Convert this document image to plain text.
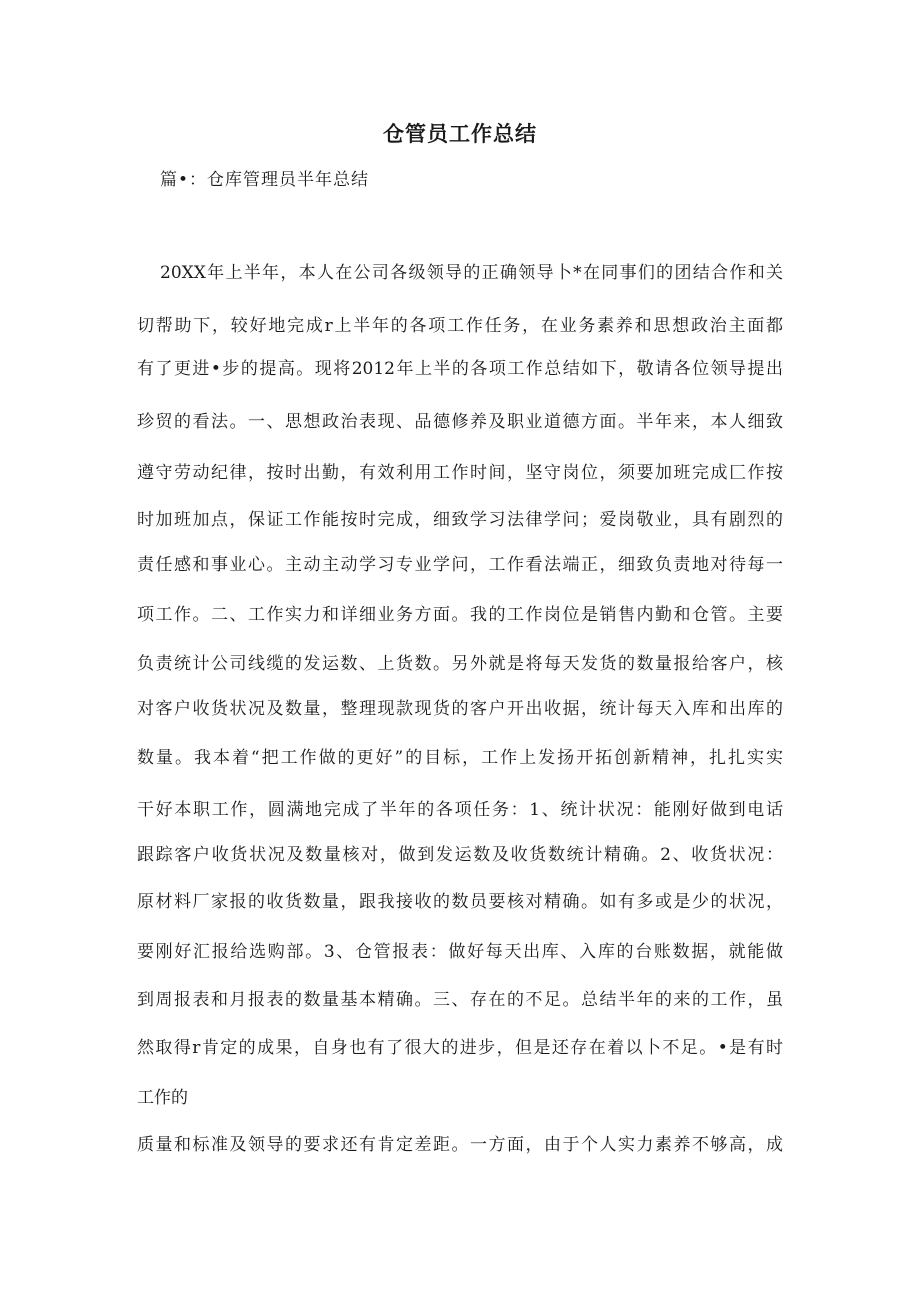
仓管员工作总结
篇•：仓库管理员半年总结
20XX年上半年，本人在公司各级领导的正确领导卜*在同事们的团结合作和关
切帮助下，较好地完成r上半年的各项工作任务，在业务素养和思想政治主面都
有了更进•步的提高。现将2012年上半的各项工作总结如下，敬请各位领导提出
珍贸的看法。一、思想政治表现、品德修养及职业道德方面。半年来，本人细致
遵守劳动纪律，按时出勤，有效利用工作时间，坚守岗位，须要加班完成匚作按
时加班加点，保证工作能按时完成，细致学习法律学问；爱岗敬业，具有剧烈的
责任感和事业心。主动主动学习专业学问，工作看法端正，细致负责地对待每一
项工作。二、工作实力和详细业务方面。我的工作岗位是销售内勤和仓管。主要
负责统计公司线缆的发运数、上货数。另外就是将每天发货的数量报给客户，核
对客户收货状况及数量，整理现款现货的客户开出收据，统计每天入库和出库的
数量。我本着“把工作做的更好”的目标，工作上发扬开拓创新精神，扎扎实实
干好本职工作，圆满地完成了半年的各项任务：1、统计状况：能刚好做到电话
跟踪客户收货状况及数量核对，做到发运数及收货数统计精确。2、收货状况：
原材料厂家报的收货数量，跟我接收的数员要核对精确。如有多或是少的状况，
要刚好汇报给选购部。3、仓管报表：做好每天出库、入库的台账数据，就能做
到周报表和月报表的数量基本精确。三、存在的不足。总结半年的来的工作，虽
然取得r肯定的成果，自身也有了很大的进步，但是还存在着以卜不足。•是有时
工作的
质量和标准及领导的要求还有肯定差距。一方面，由于个人实力素养不够高，成
